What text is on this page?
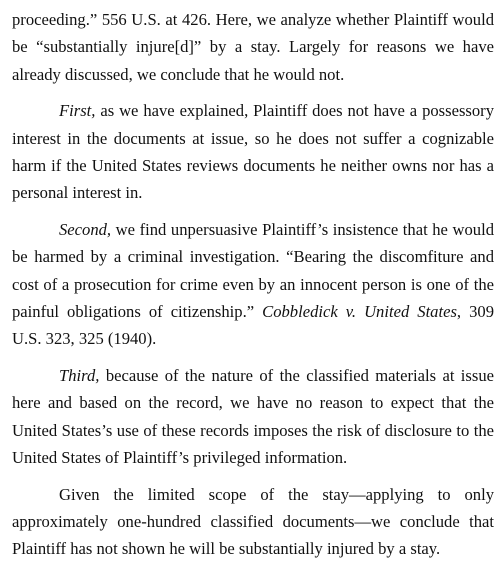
proceeding.” 556 U.S. at 426. Here, we analyze whether Plaintiff would be “substantially injure[d]” by a stay. Largely for reasons we have already discussed, we conclude that he would not.

First, as we have explained, Plaintiff does not have a possessory interest in the documents at issue, so he does not suffer a cognizable harm if the United States reviews documents he neither owns nor has a personal interest in.

Second, we find unpersuasive Plaintiff’s insistence that he would be harmed by a criminal investigation. “Bearing the discomfiture and cost of a prosecution for crime even by an innocent person is one of the painful obligations of citizenship.” Cobbledick v. United States, 309 U.S. 323, 325 (1940).

Third, because of the nature of the classified materials at issue here and based on the record, we have no reason to expect that the United States’s use of these records imposes the risk of disclosure to the United States of Plaintiff’s privileged information.

Given the limited scope of the stay—applying to only approximately one-hundred classified documents—we conclude that Plaintiff has not shown he will be substantially injured by a stay.
